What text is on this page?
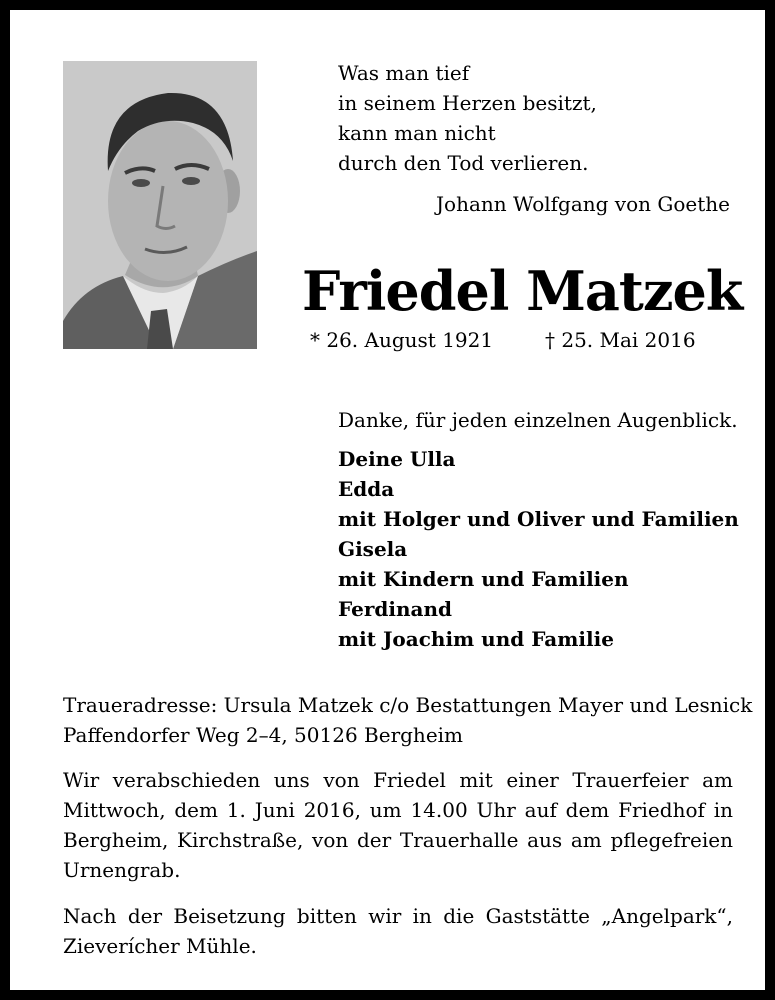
Was man tief
in seinem Herzen besitzt,
kann man nicht
durch den Tod verlieren.
Johann Wolfgang von Goethe
Friedel Matzek
* 26. August 1921	† 25. Mai 2016
Danke, für jeden einzelnen Augenblick.
Deine Ulla
Edda
mit Holger und Oliver und Familien
Gisela
mit Kindern und Familien
Ferdinand
mit Joachim und Familie
Traueradresse: Ursula Matzek c/o Bestattungen Mayer und Lesnick
Paffendorfer Weg 2–4, 50126 Bergheim
Wir verabschieden uns von Friedel mit einer Trauerfeier am Mittwoch, dem 1. Juni 2016, um 14.00 Uhr auf dem Friedhof in Bergheim, Kirchstraße, von der Trauerhalle aus am pflegefreien Urnengrab.
Nach der Beisetzung bitten wir in die Gaststätte „Angelpark“, Zieverícher Mühle.
